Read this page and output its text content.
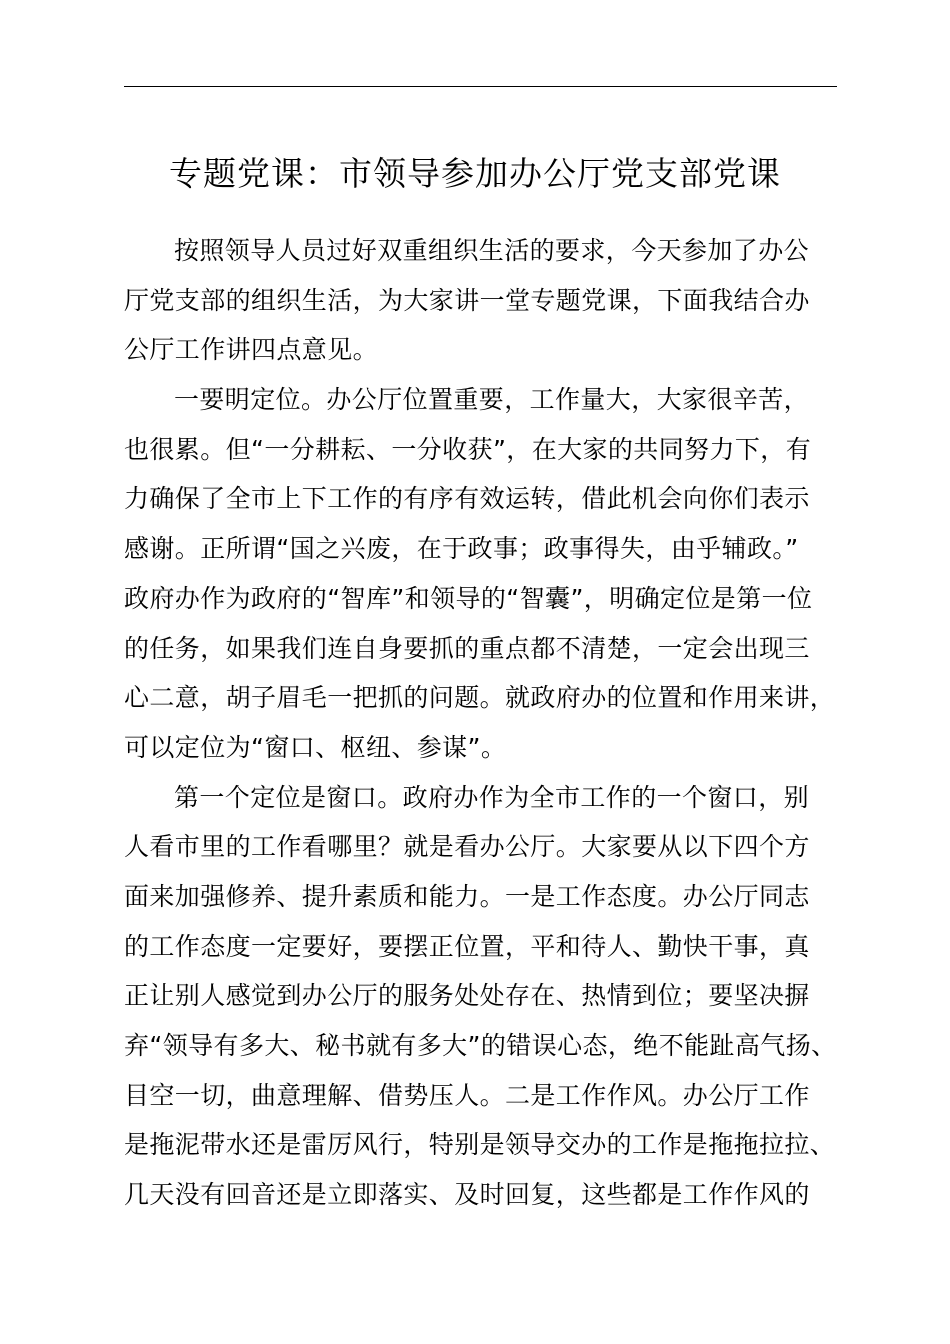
专题党课：市领导参加办公厅党支部党课
按照领导人员过好双重组织生活的要求，今天参加了办公
厅党支部的组织生活，为大家讲一堂专题党课，下面我结合办
公厅工作讲四点意见。
一要明定位。办公厅位置重要，工作量大，大家很辛苦，
也很累。但“一分耕耘、一分收获”，在大家的共同努力下，有
力确保了全市上下工作的有序有效运转，借此机会向你们表示
感谢。正所谓“国之兴废，在于政事；政事得失，由乎辅政。”
政府办作为政府的“智库”和领导的“智囊”，明确定位是第一位
的任务，如果我们连自身要抓的重点都不清楚，一定会出现三
心二意，胡子眉毛一把抓的问题。就政府办的位置和作用来讲，
可以定位为“窗口、枢纽、参谋”。
第一个定位是窗口。政府办作为全市工作的一个窗口，别
人看市里的工作看哪里？就是看办公厅。大家要从以下四个方
面来加强修养、提升素质和能力。一是工作态度。办公厅同志
的工作态度一定要好，要摆正位置，平和待人、勤快干事，真
正让别人感觉到办公厅的服务处处存在、热情到位；要坚决摒
弃“领导有多大、秘书就有多大”的错误心态，绝不能趾高气扬、
目空一切，曲意理解、借势压人。二是工作作风。办公厅工作
是拖泥带水还是雷厉风行，特别是领导交办的工作是拖拖拉拉、
几天没有回音还是立即落实、及时回复，这些都是工作作风的
